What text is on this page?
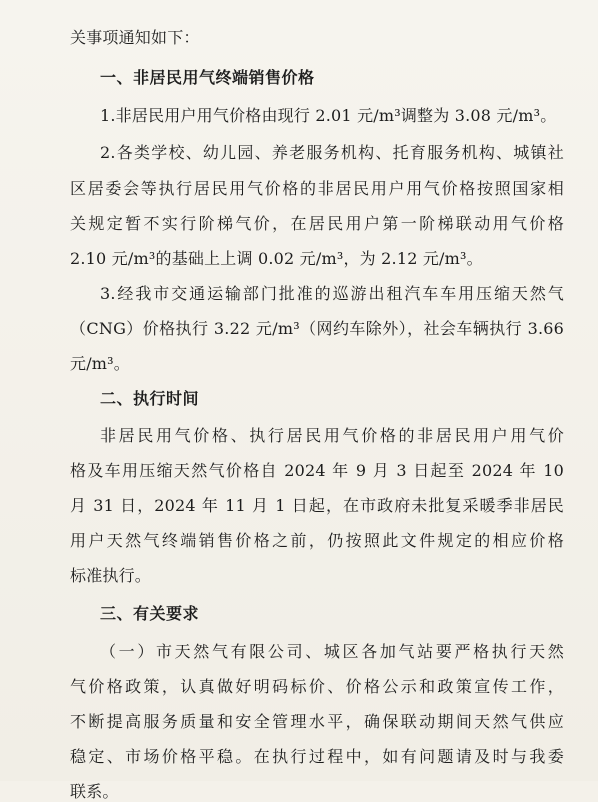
关事项通知如下：
一、非居民用气终端销售价格
1.非居民用户用气价格由现行 2.01 元/m³调整为 3.08 元/m³。
2.各类学校、幼儿园、养老服务机构、托育服务机构、城镇社
区居委会等执行居民用气价格的非居民用户用气价格按照国家相
关规定暂不实行阶梯气价，在居民用户第一阶梯联动用气价格
2.10 元/m³的基础上上调 0.02 元/m³，为 2.12 元/m³。
3.经我市交通运输部门批准的巡游出租汽车车用压缩天然气
（CNG）价格执行 3.22 元/m³（网约车除外），社会车辆执行 3.66
元/m³。
二、执行时间
非居民用气价格、执行居民用气价格的非居民用户用气价
格及车用压缩天然气价格自 2024 年 9 月 3 日起至 2024 年 10
月 31 日，2024 年 11 月 1 日起，在市政府未批复采暖季非居民
用户天然气终端销售价格之前，仍按照此文件规定的相应价格
标准执行。
三、有关要求
（一）市天然气有限公司、城区各加气站要严格执行天然
气价格政策，认真做好明码标价、价格公示和政策宣传工作，
不断提高服务质量和安全管理水平，确保联动期间天然气供应
稳定、市场价格平稳。在执行过程中，如有问题请及时与我委
联系。
